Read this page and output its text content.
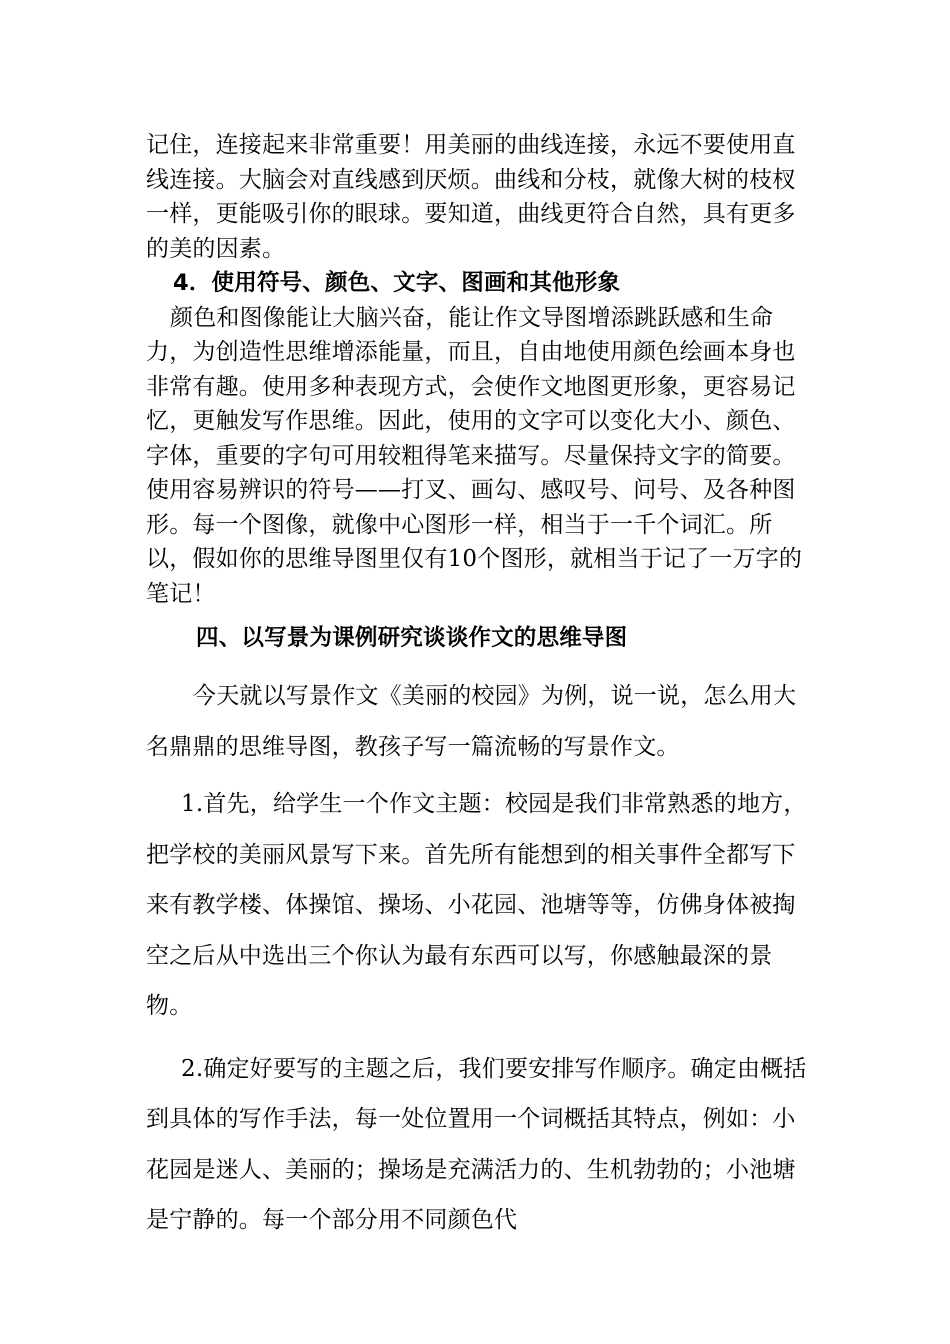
记住，连接起来非常重要！用美丽的曲线连接，永远不要使用直线连接。大脑会对直线感到厌烦。曲线和分枝，就像大树的枝杈一样，更能吸引你的眼球。要知道，曲线更符合自然，具有更多的美的因素。

4．使用符号、颜色、文字、图画和其他形象

颜色和图像能让大脑兴奋，能让作文导图增添跳跃感和生命力，为创造性思维增添能量，而且，自由地使用颜色绘画本身也非常有趣。使用多种表现方式，会使作文地图更形象，更容易记忆，更触发写作思维。因此，使用的文字可以变化大小、颜色、字体，重要的字句可用较粗得笔来描写。尽量保持文字的简要。使用容易辨识的符号——打叉、画勾、感叹号、问号、及各种图形。每一个图像，就像中心图形一样，相当于一千个词汇。所以，假如你的思维导图里仅有10个图形，就相当于记了一万字的笔记！

四、以写景为课例研究谈谈作文的思维导图

今天就以写景作文《美丽的校园》为例，说一说，怎么用大名鼎鼎的思维导图，教孩子写一篇流畅的写景作文。

1.首先，给学生一个作文主题：校园是我们非常熟悉的地方，把学校的美丽风景写下来。首先所有能想到的相关事件全都写下来有教学楼、体操馆、操场、小花园、池塘等等，仿佛身体被掏空之后从中选出三个你认为最有东西可以写，你感触最深的景物。

2.确定好要写的主题之后，我们要安排写作顺序。确定由概括到具体的写作手法，每一处位置用一个词概括其特点，例如：小花园是迷人、美丽的；操场是充满活力的、生机勃勃的；小池塘是宁静的。每一个部分用不同颜色代
